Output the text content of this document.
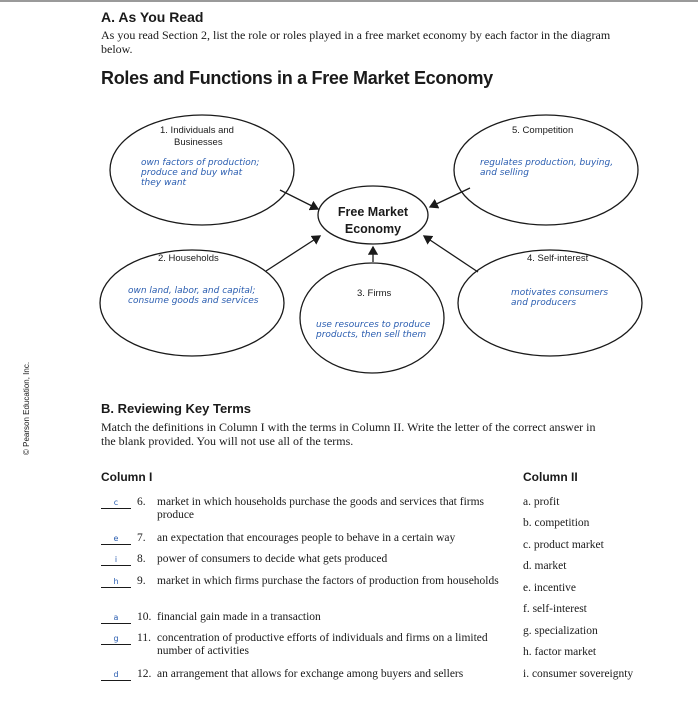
A. As You Read
As you read Section 2, list the role or roles played in a free market economy by each factor in the diagram below.
Roles and Functions in a Free Market Economy
Free Market
Economy
1. Individuals and
Businesses
own factors of production;
produce and buy what
they want
5. Competition
regulates production, buying,
and selling
2. Households
own land, labor, and capital;
consume goods and services
3. Firms
use resources to produce
products, then sell them
4. Self-interest
motivates consumers
and producers
B. Reviewing Key Terms
Match the definitions in Column I with the terms in Column II. Write the letter of the correct answer in the blank provided. You will not use all of the terms.
Column I	Column II
c	6. market in which households purchase the goods and services that firms produce
e	7. an expectation that encourages people to behave in a certain way
i	8. power of consumers to decide what gets produced
h	9. market in which firms purchase the factors of production from households
a	10. financial gain made in a transaction
g	11. concentration of productive efforts of individuals and firms on a limited number of activities
d	12. an arrangement that allows for exchange among buyers and sellers
a. profit
b. competition
c. product market
d. market
e. incentive
f. self-interest
g. specialization
h. factor market
i. consumer sovereignty
© Pearson Education, Inc.
